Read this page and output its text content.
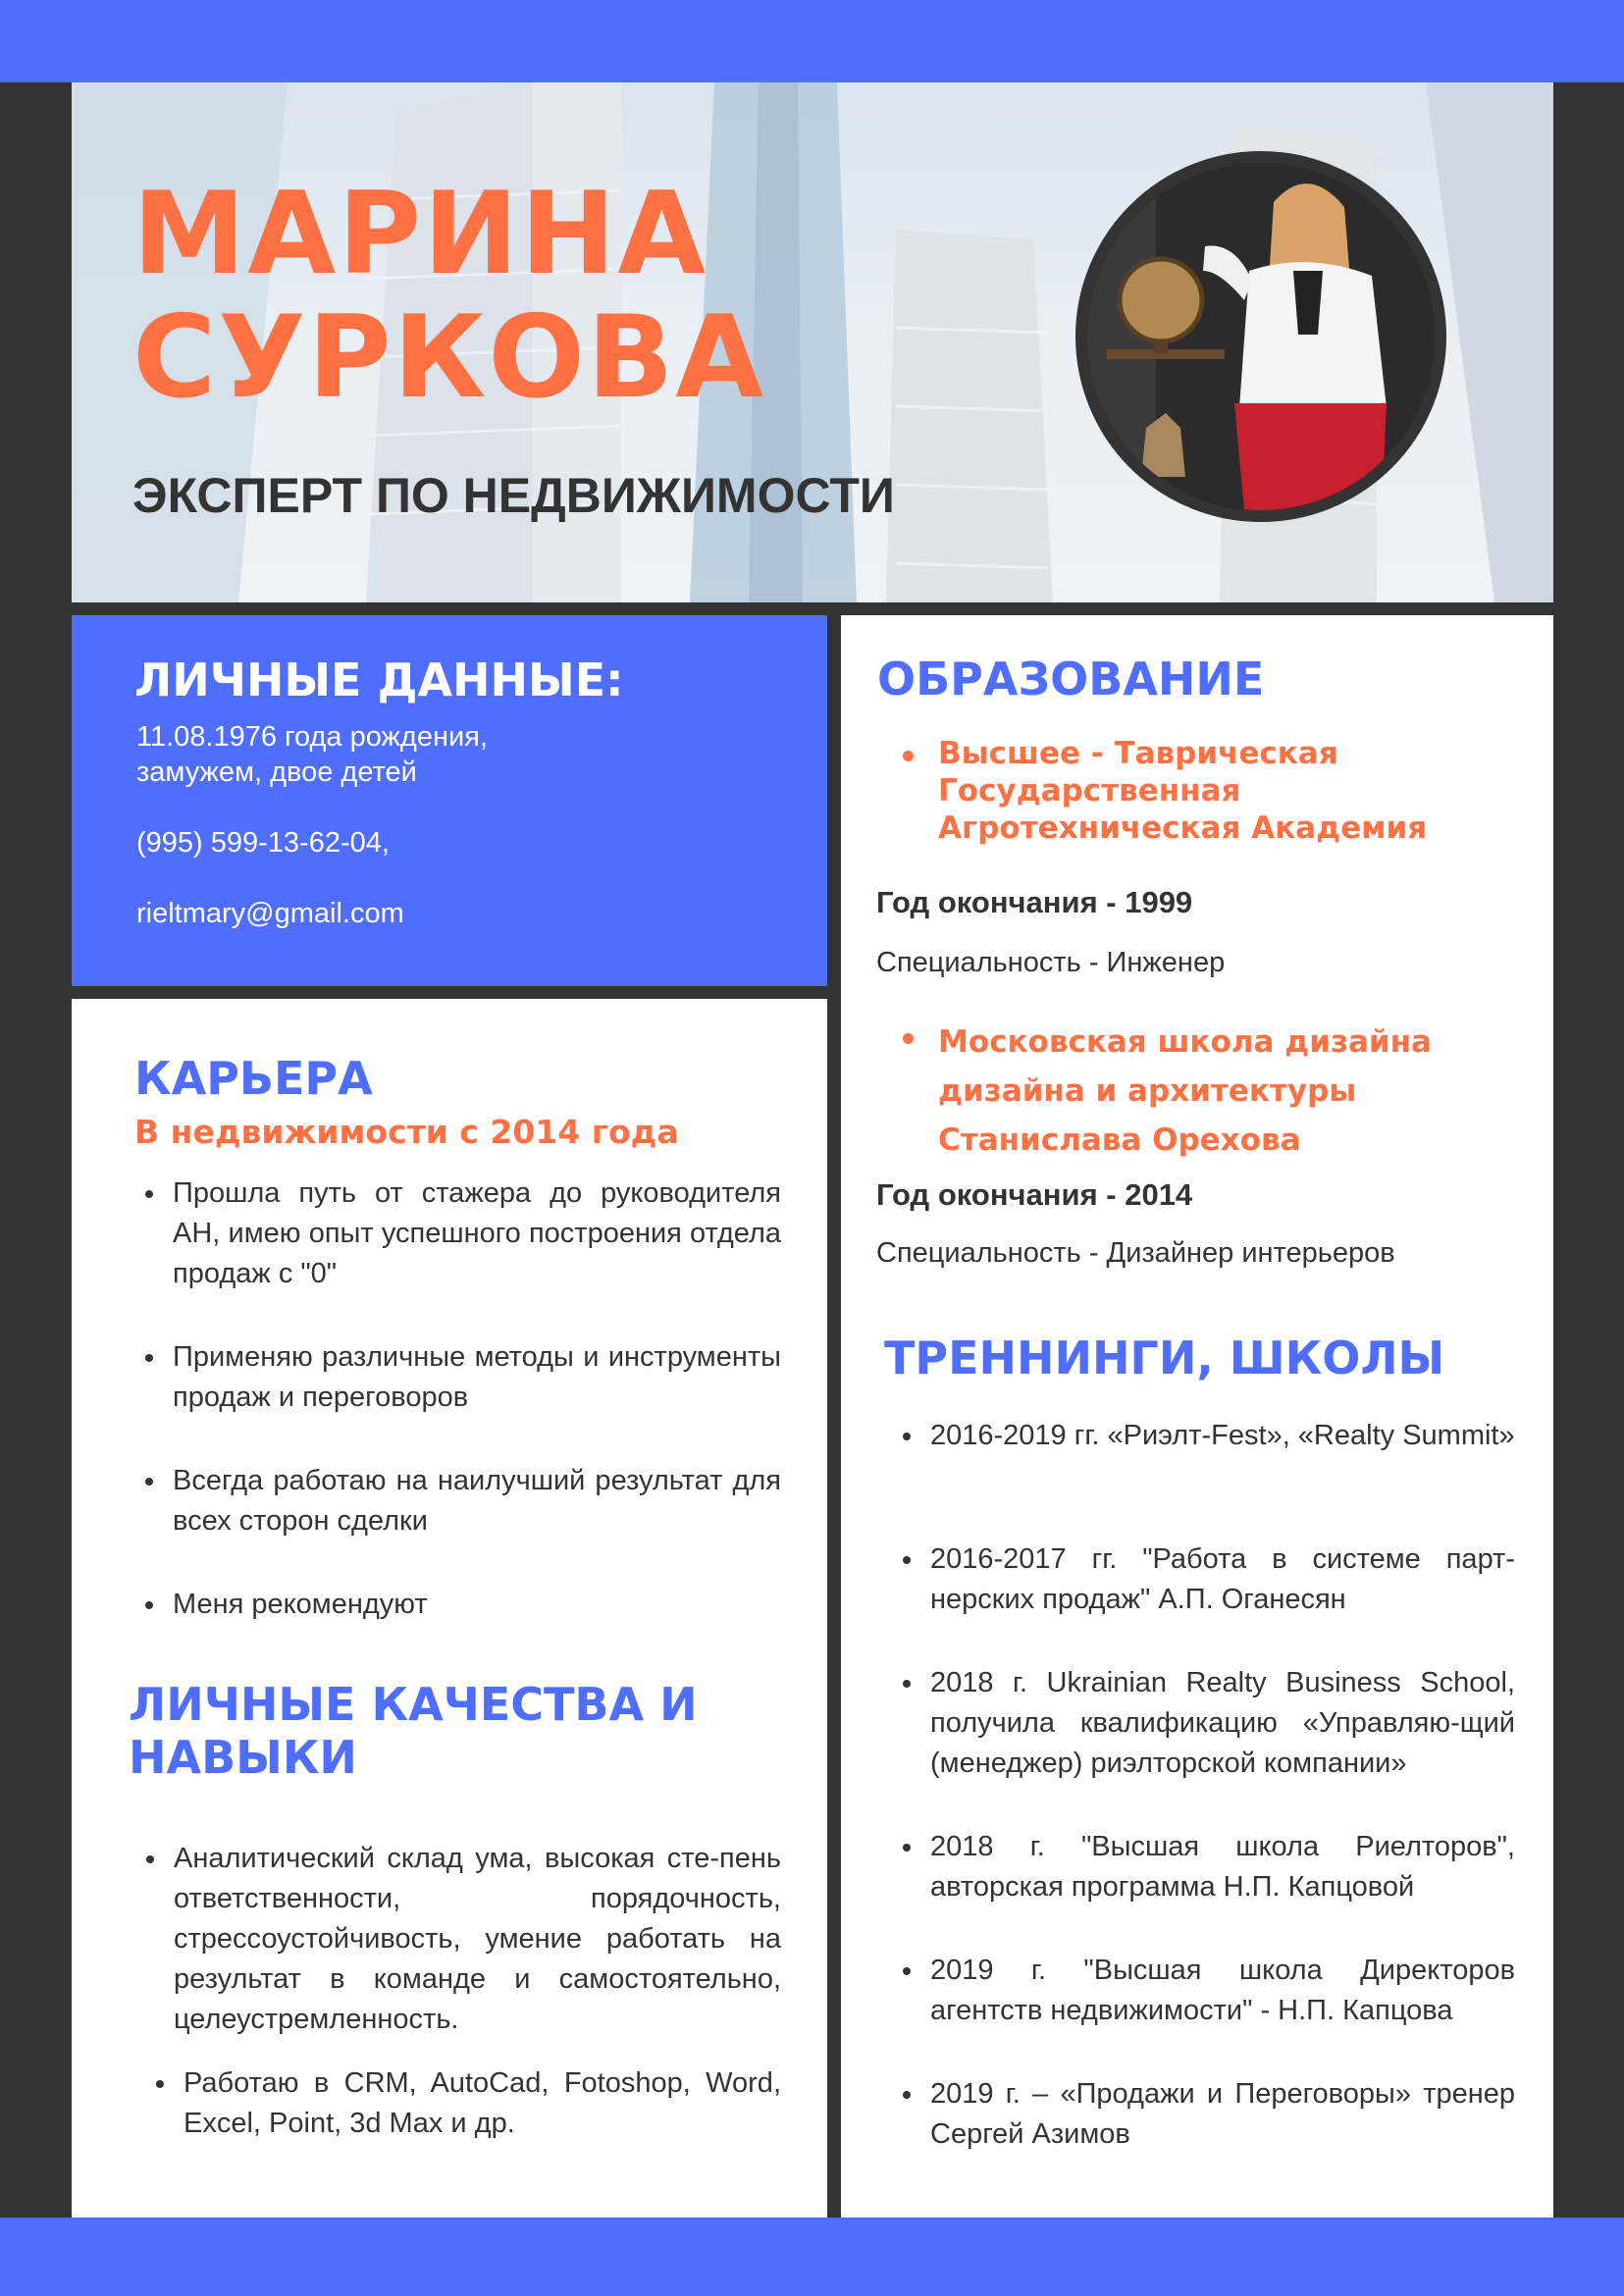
МАРИНА
СУРКОВА
ЭКСПЕРТ ПО НЕДВИЖИМОСТИ
ЛИЧНЫЕ ДАННЫЕ:
11.08.1976 года рождения,
замужем, двое детей
(995) 599-13-62-04,
rieltmary@gmail.com
КАРЬЕРА
В недвижимости с 2014 года
Прошла путь от стажера до руководителя АН, имею опыт успешного построения отдела продаж с "0"
Применяю различные методы и инструменты продаж и переговоров
Всегда работаю на наилучший результат для всех сторон сделки
Меня рекомендуют
ЛИЧНЫЕ КАЧЕСТВА И
НАВЫКИ
Аналитический склад ума, высокая сте-пень ответственности, порядочность, стрессоустойчивость, умение работать на результат в команде и самостоятельно, целеустремленность.
Работаю в CRM, AutoCad, Fotoshop, Word, Excel, Point, 3d Max и др.
ОБРАЗОВАНИЕ
Высшее - Таврическая
Государственная
Агротехническая Академия
Год окончания - 1999
Специальность - Инженер
Московская школа дизайна
дизайна и архитектуры
Станислава Орехова
Год окончания - 2014
Специальность - Дизайнер интерьеров
ТРЕННИНГИ, ШКОЛЫ
2016-2019 гг. «Риэлт-Fest», «Realty Summit»
2016-2017 гг. "Работа в системе парт-нерских продаж" А.П. Оганесян
2018 г. Ukrainian Realty Business School, получила квалификацию «Управляю-щий (менеджер) риэлторской компании»
2018 г. "Высшая школа Риелторов", авторская программа Н.П. Капцовой
2019 г. "Высшая школа Директоров агентств недвижимости" - Н.П. Капцова
2019 г. – «Продажи и Переговоры» тренер Сергей Азимов
